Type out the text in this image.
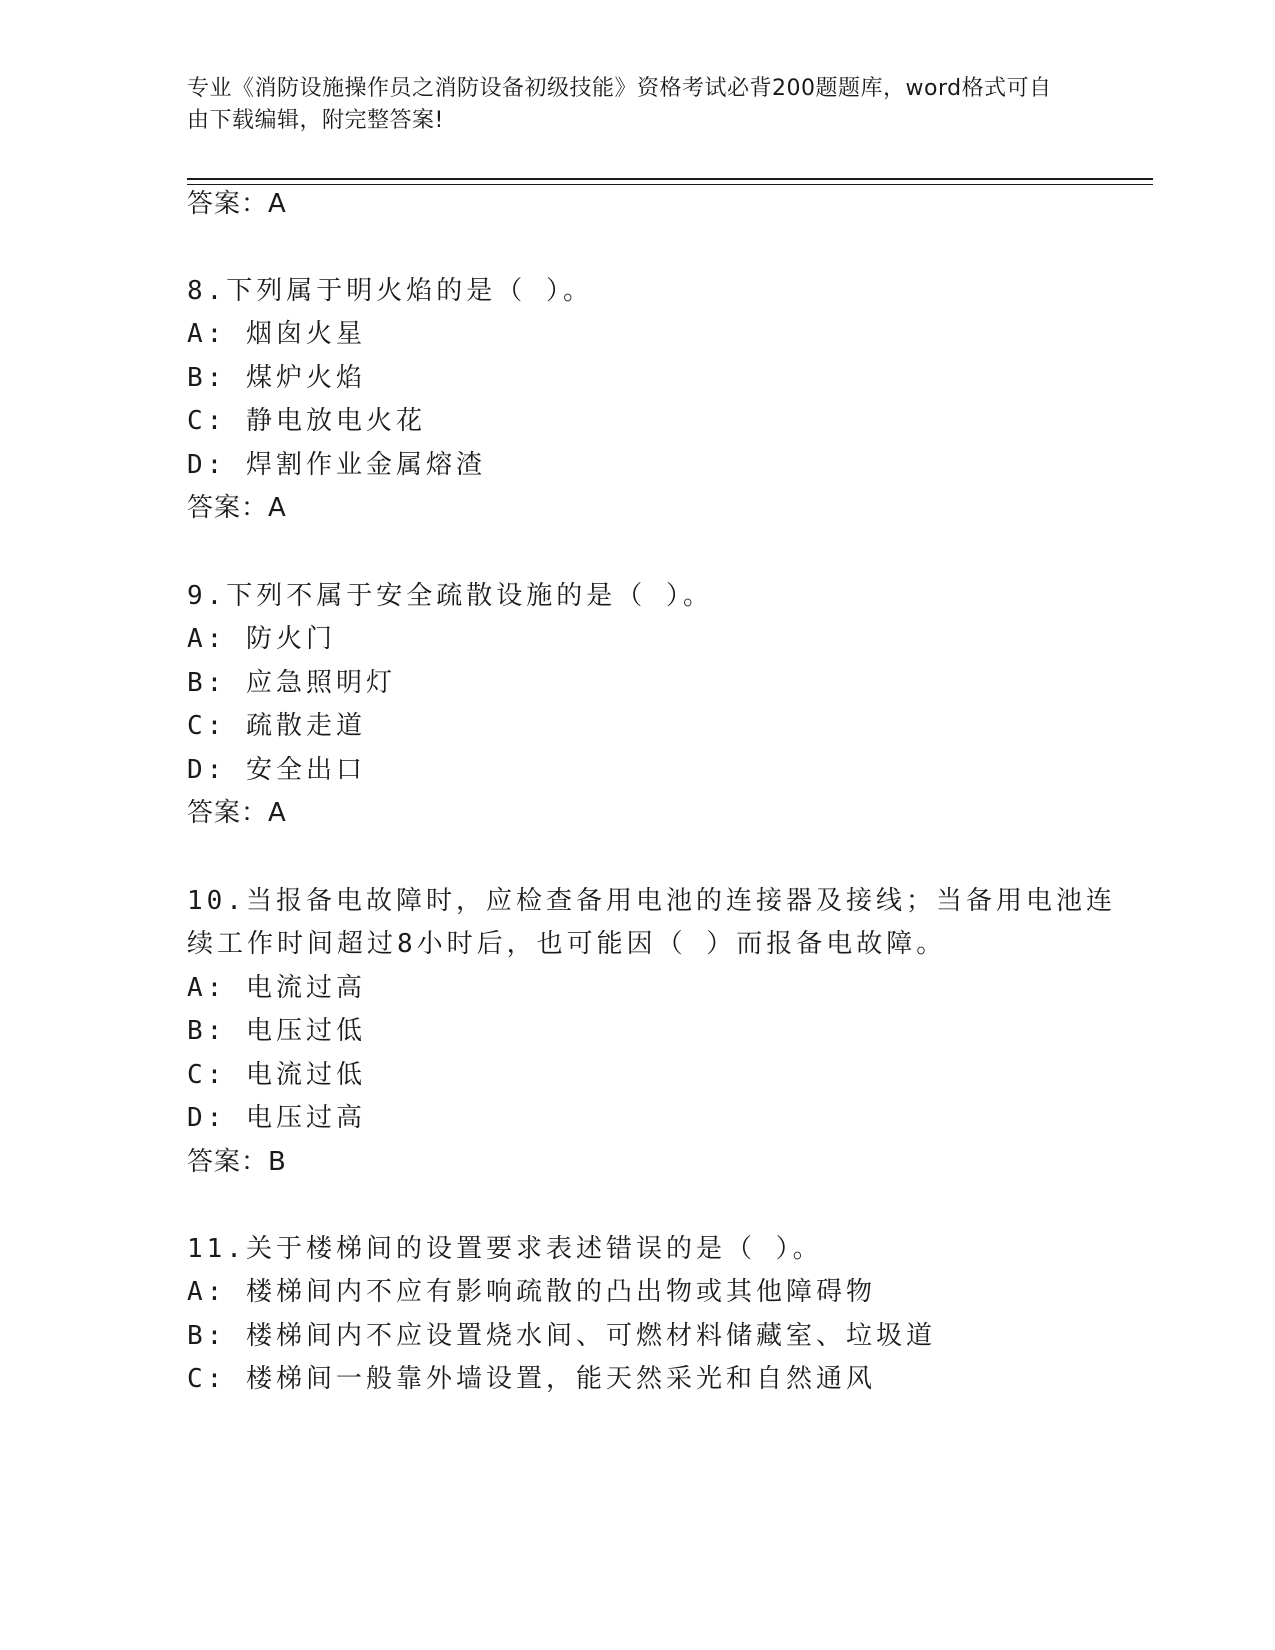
专业《消防设施操作员之消防设备初级技能》资格考试必背200题题库，word格式可自由下载编辑，附完整答案!
答案：A
8.下列属于明火焰的是（ ）。
A: 烟囱火星
B: 煤炉火焰
C: 静电放电火花
D: 焊割作业金属熔渣
答案：A
9.下列不属于安全疏散设施的是（ ）。
A: 防火门
B: 应急照明灯
C: 疏散走道
D: 安全出口
答案：A
10.当报备电故障时，应检查备用电池的连接器及接线；当备用电池连
续工作时间超过8小时后，也可能因（ ）而报备电故障。
A: 电流过高
B: 电压过低
C: 电流过低
D: 电压过高
答案：B
11.关于楼梯间的设置要求表述错误的是（ ）。
A: 楼梯间内不应有影响疏散的凸出物或其他障碍物
B: 楼梯间内不应设置烧水间、可燃材料储藏室、垃圾道
C: 楼梯间一般靠外墙设置，能天然采光和自然通风
